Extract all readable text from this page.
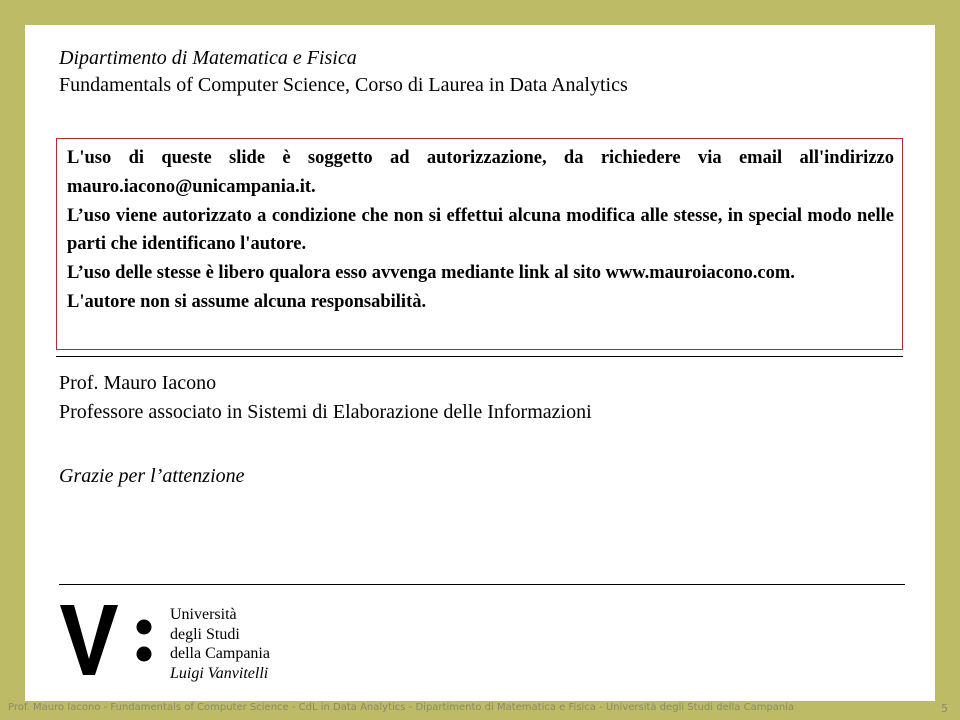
Dipartimento di Matematica e Fisica
Fundamentals of Computer Science, Corso di Laurea in Data Analytics

L'uso di queste slide è soggetto ad autorizzazione, da richiedere via email all'indirizzo mauro.iacono@unicampania.it.

L’uso viene autorizzato a condizione che non si effettui alcuna modifica alle stesse, in special modo nelle parti che identificano l'autore.

L’uso delle stesse è libero qualora esso avvenga mediante link al sito www.mauroiacono.com.

L'autore non si assume alcuna responsabilità.

Prof. Mauro Iacono
Professore associato in Sistemi di Elaborazione delle Informazioni
Grazie per l’attenzione
Università
degli Studi
della Campania
Luigi Vanvitelli
Prof. Mauro Iacono - Fundamentals of Computer Science - CdL in Data Analytics - Dipartimento di Matematica e Fisica - Università degli Studi della Campania	5
